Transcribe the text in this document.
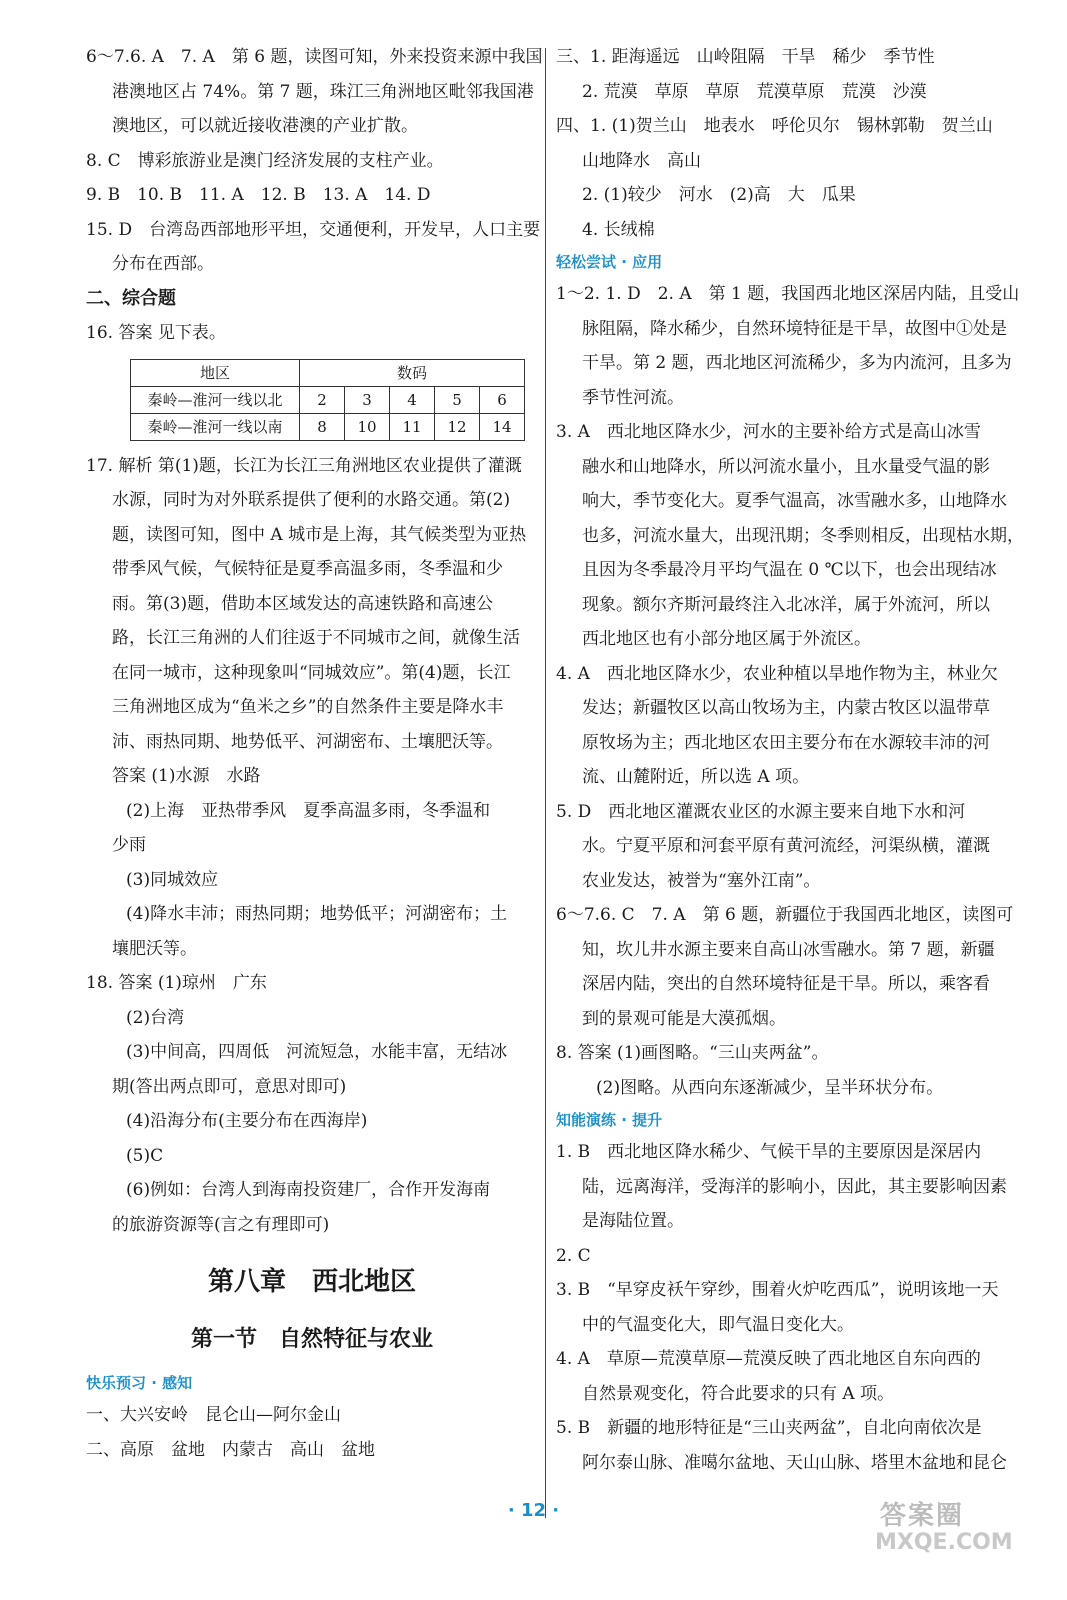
6～7.6. A　7. A　第 6 题，读图可知，外来投资来源中我国
港澳地区占 74%。第 7 题，珠江三角洲地区毗邻我国港
澳地区，可以就近接收港澳的产业扩散。
8. C　博彩旅游业是澳门经济发展的支柱产业。
9. B　10. B　11. A　12. B　13. A　14. D
15. D　台湾岛西部地形平坦，交通便利，开发早，人口主要
分布在西部。
二、综合题
16. 答案 见下表。
地区	数码				
秦岭—淮河一线以北	2	3	4	5	6
秦岭—淮河一线以南	8	10	11	12	14
17. 解析 第(1)题，长江为长江三角洲地区农业提供了灌溉
水源，同时为对外联系提供了便利的水路交通。第(2)
题，读图可知，图中 A 城市是上海，其气候类型为亚热
带季风气候，气候特征是夏季高温多雨，冬季温和少
雨。第(3)题，借助本区域发达的高速铁路和高速公
路，长江三角洲的人们往返于不同城市之间，就像生活
在同一城市，这种现象叫“同城效应”。第(4)题，长江
三角洲地区成为“鱼米之乡”的自然条件主要是降水丰
沛、雨热同期、地势低平、河湖密布、土壤肥沃等。
答案 (1)水源　水路
(2)上海　亚热带季风　夏季高温多雨，冬季温和
少雨
(3)同城效应
(4)降水丰沛；雨热同期；地势低平；河湖密布；土
壤肥沃等。
18. 答案 (1)琼州　广东
(2)台湾
(3)中间高，四周低　河流短急，水能丰富，无结冰
期(答出两点即可，意思对即可)
(4)沿海分布(主要分布在西海岸)
(5)C
(6)例如：台湾人到海南投资建厂，合作开发海南
的旅游资源等(言之有理即可)
第八章　西北地区
第一节　自然特征与农业
快乐预习 · 感知
一、大兴安岭　昆仑山—阿尔金山
二、高原　盆地　内蒙古　高山　盆地
三、1. 距海遥远　山岭阻隔　干旱　稀少　季节性
2. 荒漠　草原　草原　荒漠草原　荒漠　沙漠
四、1. (1)贺兰山　地表水　呼伦贝尔　锡林郭勒　贺兰山
山地降水　高山
2. (1)较少　河水　(2)高　大　瓜果
4. 长绒棉
轻松尝试 · 应用
1～2. 1. D　2. A　第 1 题，我国西北地区深居内陆，且受山
脉阻隔，降水稀少，自然环境特征是干旱，故图中①处是
干旱。第 2 题，西北地区河流稀少，多为内流河，且多为
季节性河流。
3. A　西北地区降水少，河水的主要补给方式是高山冰雪
融水和山地降水，所以河流水量小，且水量受气温的影
响大，季节变化大。夏季气温高，冰雪融水多，山地降水
也多，河流水量大，出现汛期；冬季则相反，出现枯水期，
且因为冬季最冷月平均气温在 0 ℃以下，也会出现结冰
现象。额尔齐斯河最终注入北冰洋，属于外流河，所以
西北地区也有小部分地区属于外流区。
4. A　西北地区降水少，农业种植以旱地作物为主，林业欠
发达；新疆牧区以高山牧场为主，内蒙古牧区以温带草
原牧场为主；西北地区农田主要分布在水源较丰沛的河
流、山麓附近，所以选 A 项。
5. D　西北地区灌溉农业区的水源主要来自地下水和河
水。宁夏平原和河套平原有黄河流经，河渠纵横，灌溉
农业发达，被誉为“塞外江南”。
6～7.6. C　7. A　第 6 题，新疆位于我国西北地区，读图可
知，坎儿井水源主要来自高山冰雪融水。第 7 题，新疆
深居内陆，突出的自然环境特征是干旱。所以，乘客看
到的景观可能是大漠孤烟。
8. 答案 (1)画图略。“三山夹两盆”。
(2)图略。从西向东逐渐减少，呈半环状分布。
知能演练 · 提升
1. B　西北地区降水稀少、气候干旱的主要原因是深居内
陆，远离海洋，受海洋的影响小，因此，其主要影响因素
是海陆位置。
2. C
3. B　“早穿皮袄午穿纱，围着火炉吃西瓜”，说明该地一天
中的气温变化大，即气温日变化大。
4. A　草原—荒漠草原—荒漠反映了西北地区自东向西的
自然景观变化，符合此要求的只有 A 项。
5. B　新疆的地形特征是“三山夹两盆”，自北向南依次是
阿尔泰山脉、准噶尔盆地、天山山脉、塔里木盆地和昆仑
· 12 ·	答案圈
MXQE.COM
